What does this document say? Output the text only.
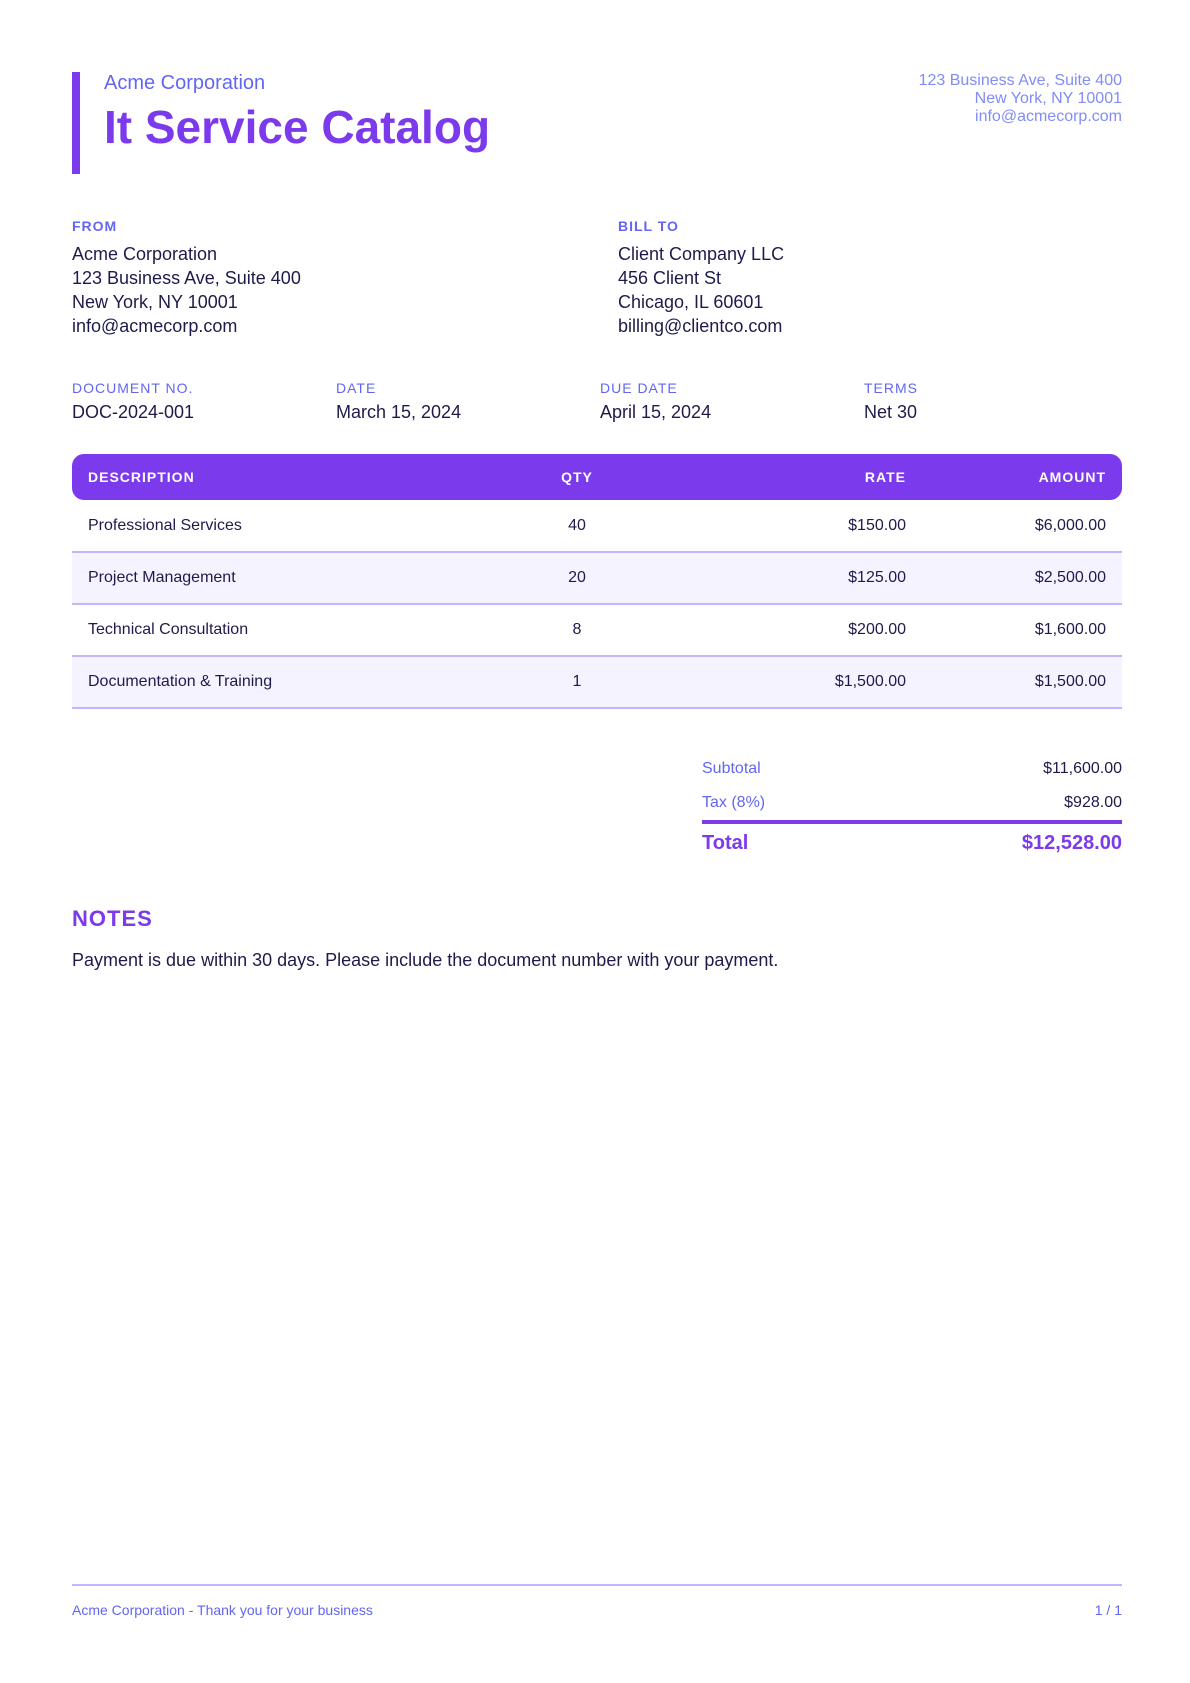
Acme Corporation
It Service Catalog
123 Business Ave, Suite 400
New York, NY 10001
info@acmecorp.com
FROM
Acme Corporation
123 Business Ave, Suite 400
New York, NY 10001
info@acmecorp.com
BILL TO
Client Company LLC
456 Client St
Chicago, IL 60601
billing@clientco.com
DOCUMENT NO.
DOC-2024-001
DATE
March 15, 2024
DUE DATE
April 15, 2024
TERMS
Net 30
DESCRIPTION	QTY	RATE	AMOUNT
Professional Services	40	$150.00	$6,000.00
Project Management	20	$125.00	$2,500.00
Technical Consultation	8	$200.00	$1,600.00
Documentation & Training	1	$1,500.00	$1,500.00
Subtotal	$11,600.00
Tax (8%)	$928.00
Total	$12,528.00
NOTES
Payment is due within 30 days. Please include the document number with your payment.
Acme Corporation - Thank you for your business	1 / 1
